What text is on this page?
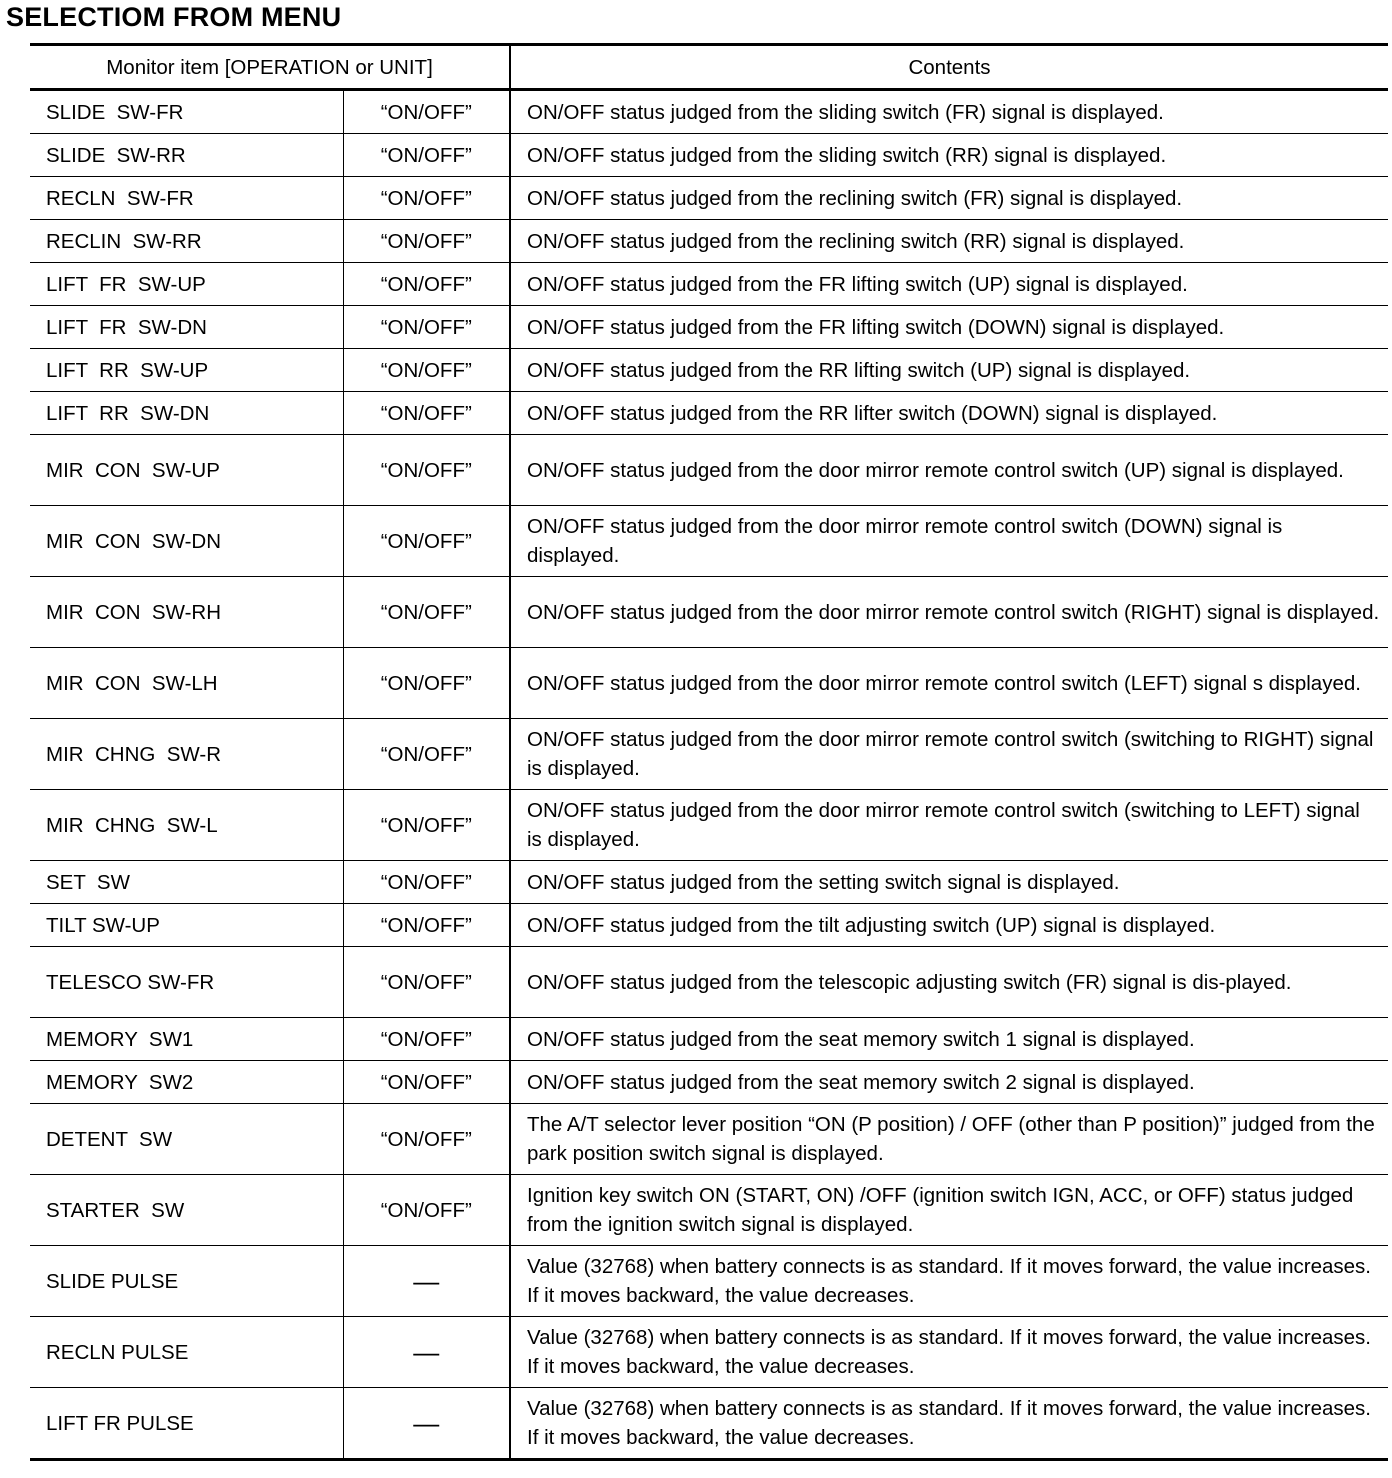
SELECTIOM FROM MENU
Monitor item [OPERATION or UNIT]		Contents
SLIDE  SW-FR	“ON/OFF”	ON/OFF status judged from the sliding switch (FR) signal is displayed.
SLIDE  SW-RR	“ON/OFF”	ON/OFF status judged from the sliding switch (RR) signal is displayed.
RECLN  SW-FR	“ON/OFF”	ON/OFF status judged from the reclining switch (FR) signal is displayed.
RECLIN  SW-RR	“ON/OFF”	ON/OFF status judged from the reclining switch (RR) signal is displayed.
LIFT  FR  SW-UP	“ON/OFF”	ON/OFF status judged from the FR lifting switch (UP) signal is displayed.
LIFT  FR  SW-DN	“ON/OFF”	ON/OFF status judged from the FR lifting switch (DOWN) signal is displayed.
LIFT  RR  SW-UP	“ON/OFF”	ON/OFF status judged from the RR lifting switch (UP) signal is displayed.
LIFT  RR  SW-DN	“ON/OFF”	ON/OFF status judged from the RR lifter switch (DOWN) signal is displayed.
MIR  CON  SW-UP	“ON/OFF”	ON/OFF status judged from the door mirror remote control switch (UP) signal is displayed.
MIR  CON  SW-DN	“ON/OFF”	ON/OFF status judged from the door mirror remote control switch (DOWN) signal is displayed.
MIR  CON  SW-RH	“ON/OFF”	ON/OFF status judged from the door mirror remote control switch (RIGHT) signal is displayed.
MIR  CON  SW-LH	“ON/OFF”	ON/OFF status judged from the door mirror remote control switch (LEFT) signal s displayed.
MIR  CHNG  SW-R	“ON/OFF”	ON/OFF status judged from the door mirror remote control switch (switching to RIGHT) signal is displayed.
MIR  CHNG  SW-L	“ON/OFF”	ON/OFF status judged from the door mirror remote control switch (switching to LEFT) signal is displayed.
SET  SW	“ON/OFF”	ON/OFF status judged from the setting switch signal is displayed.
TILT SW-UP	“ON/OFF”	ON/OFF status judged from the tilt adjusting switch (UP) signal is displayed.
TELESCO SW-FR	“ON/OFF”	ON/OFF status judged from the telescopic adjusting switch (FR) signal is dis-played.
MEMORY  SW1	“ON/OFF”	ON/OFF status judged from the seat memory switch 1 signal is displayed.
MEMORY  SW2	“ON/OFF”	ON/OFF status judged from the seat memory switch 2 signal is displayed.
DETENT  SW	“ON/OFF”	The A/T selector lever position “ON (P position) / OFF (other than P position)” judged from the park position switch signal is displayed.
STARTER  SW	“ON/OFF”	Ignition key switch ON (START, ON) /OFF (ignition switch IGN, ACC, or OFF) status judged from the ignition switch signal is displayed.
SLIDE PULSE	—	Value (32768) when battery connects is as standard. If it moves forward, the value increases. If it moves backward, the value decreases.
RECLN PULSE	—	Value (32768) when battery connects is as standard. If it moves forward, the value increases. If it moves backward, the value decreases.
LIFT FR PULSE	—	Value (32768) when battery connects is as standard. If it moves forward, the value increases. If it moves backward, the value decreases.
